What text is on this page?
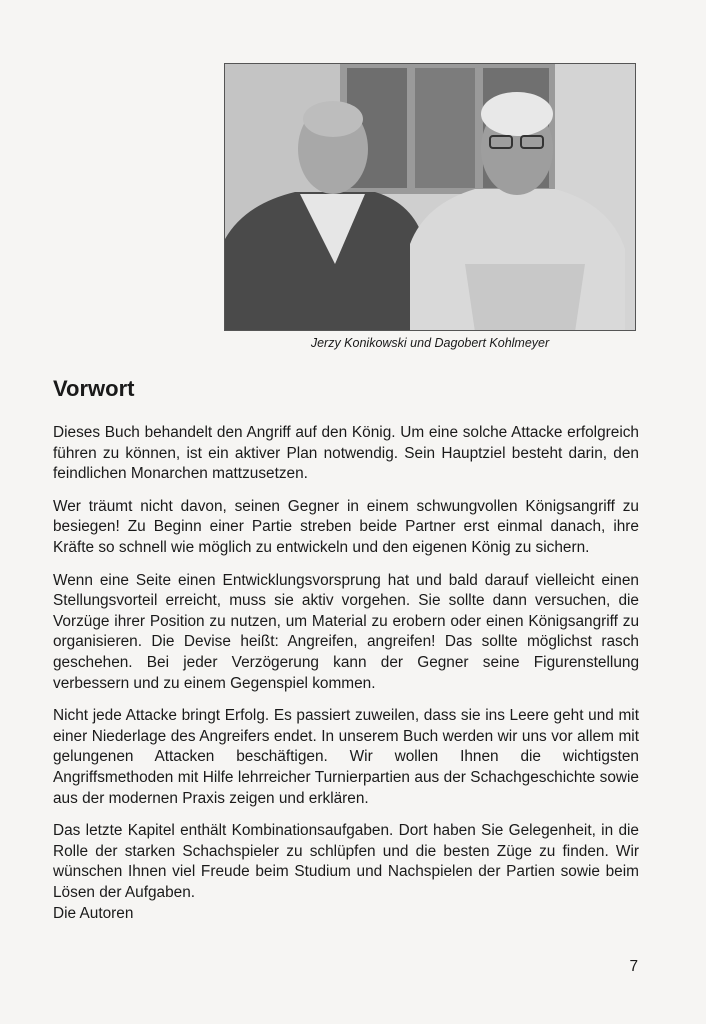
Jerzy Konikowski und Dagobert Kohlmeyer
Vorwort

Dieses Buch behandelt den Angriff auf den König. Um eine solche Attacke erfolgreich führen zu können, ist ein aktiver Plan notwendig. Sein Hauptziel besteht darin, den feindlichen Monarchen mattzusetzen.

Wer träumt nicht davon, seinen Gegner in einem schwungvollen Königsangriff zu besiegen! Zu Beginn einer Partie streben beide Partner erst einmal danach, ihre Kräfte so schnell wie möglich zu entwickeln und den eigenen König zu sichern.

Wenn eine Seite einen Entwicklungsvorsprung hat und bald darauf vielleicht einen Stellungsvorteil erreicht, muss sie aktiv vorgehen. Sie sollte dann versuchen, die Vorzüge ihrer Position zu nutzen, um Material zu erobern oder einen Königsangriff zu organisieren. Die Devise heißt: Angreifen, angreifen! Das sollte möglichst rasch geschehen. Bei jeder Verzögerung kann der Gegner seine Figurenstellung verbessern und zu einem Gegenspiel kommen.

Nicht jede Attacke bringt Erfolg. Es passiert zuweilen, dass sie ins Leere geht und mit einer Niederlage des Angreifers endet. In unserem Buch werden wir uns vor allem mit gelungenen Attacken beschäftigen. Wir wollen Ihnen die wichtigsten Angriffsmethoden mit Hilfe lehrreicher Turnierpartien aus der Schachgeschichte sowie aus der modernen Praxis zeigen und erklären.

Das letzte Kapitel enthält Kombinationsaufgaben. Dort haben Sie Gelegenheit, in die Rolle der starken Schachspieler zu schlüpfen und die besten Züge zu finden. Wir wünschen Ihnen viel Freude beim Studium und Nachspielen der Partien sowie beim Lösen der Aufgaben.

Die Autoren
7
